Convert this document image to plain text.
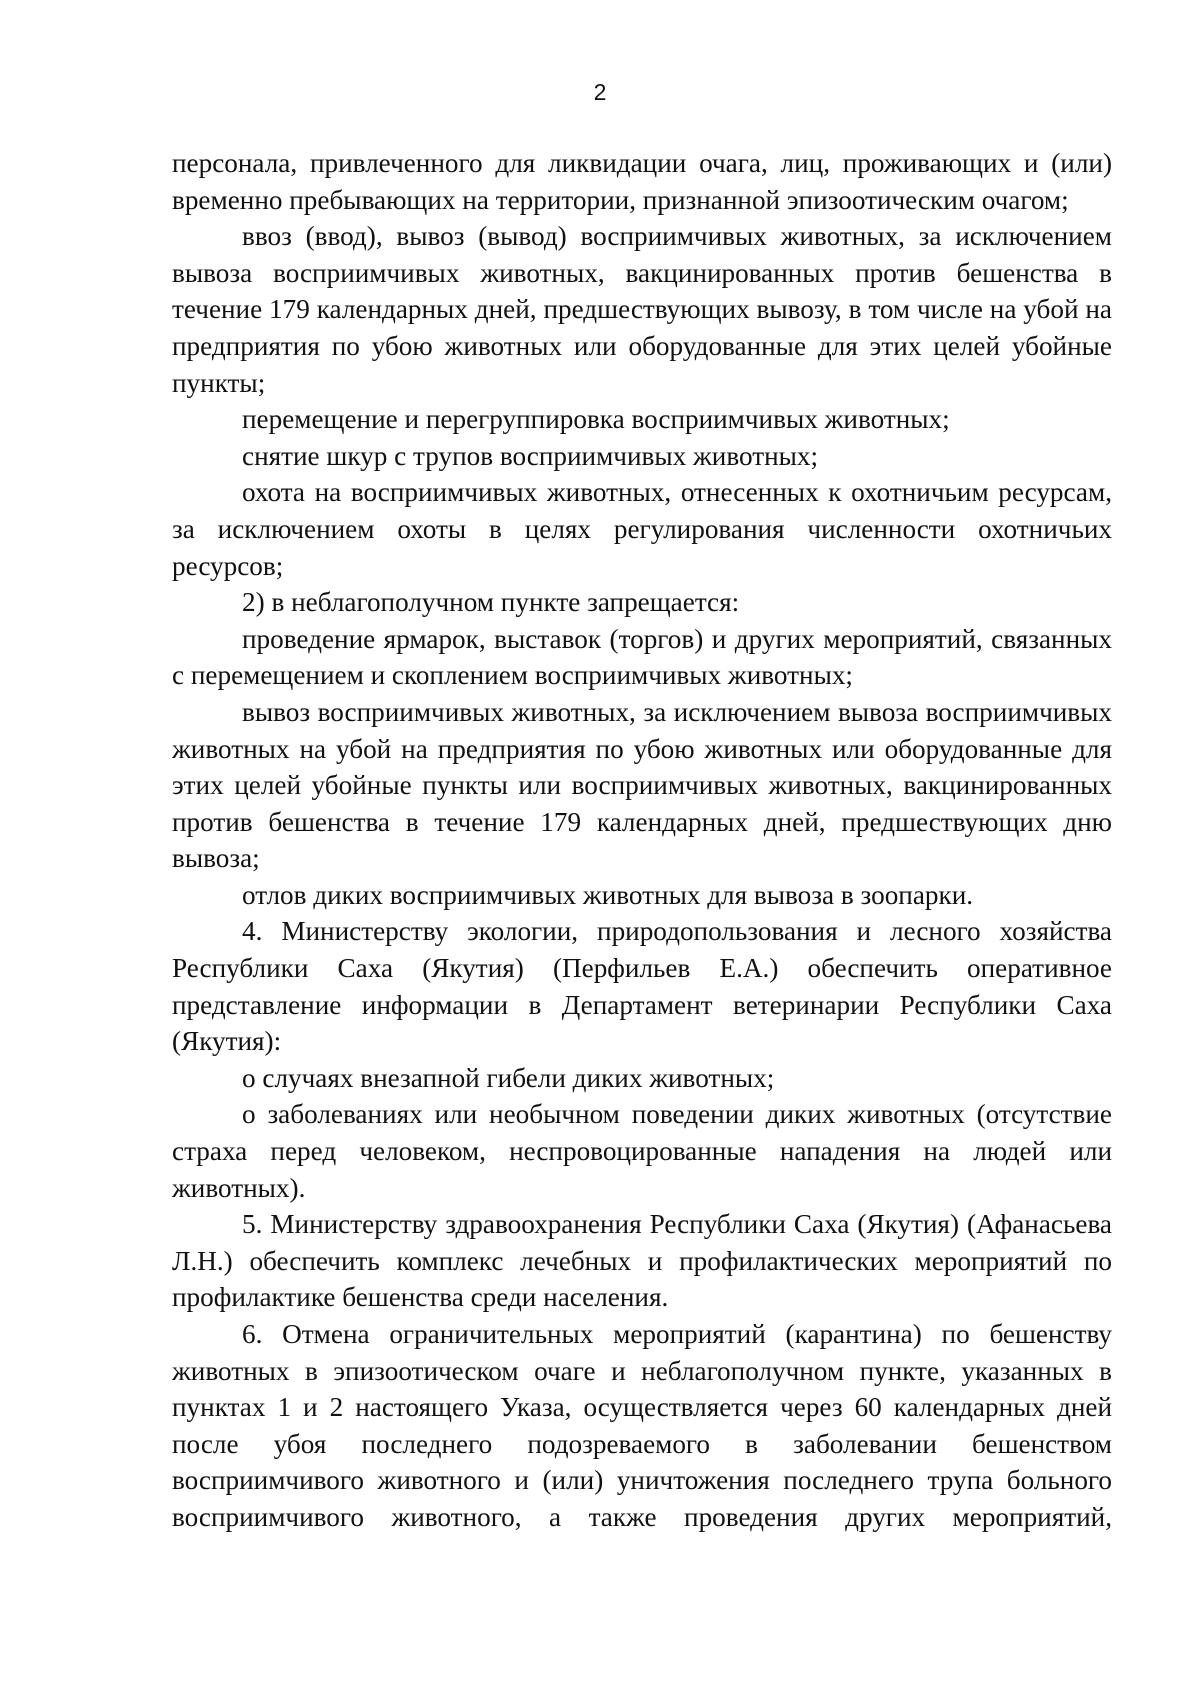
2

персонала, привлеченного для ликвидации очага, лиц, проживающих и (или) временно пребывающих на территории, признанной эпизоотическим очагом;

ввоз (ввод), вывоз (вывод) восприимчивых животных, за исключением вывоза восприимчивых животных, вакцинированных против бешенства в течение 179 календарных дней, предшествующих вывозу, в том числе на убой на предприятия по убою животных или оборудованные для этих целей убойные пункты;

перемещение и перегруппировка восприимчивых животных;

снятие шкур с трупов восприимчивых животных;

охота на восприимчивых животных, отнесенных к охотничьим ресурсам, за исключением охоты в целях регулирования численности охотничьих ресурсов;

2) в неблагополучном пункте запрещается:

проведение ярмарок, выставок (торгов) и других мероприятий, связанных с перемещением и скоплением восприимчивых животных;

вывоз восприимчивых животных, за исключением вывоза восприимчивых животных на убой на предприятия по убою животных или оборудованные для этих целей убойные пункты или восприимчивых животных, вакцинированных против бешенства в течение 179 календарных дней, предшествующих дню вывоза;

отлов диких восприимчивых животных для вывоза в зоопарки.

4. Министерству экологии, природопользования и лесного хозяйства Республики Саха (Якутия) (Перфильев Е.А.) обеспечить оперативное представление информации в Департамент ветеринарии Республики Саха (Якутия):

о случаях внезапной гибели диких животных;

о заболеваниях или необычном поведении диких животных (отсутствие страха перед человеком, неспровоцированные нападения на людей или животных).

5. Министерству здравоохранения Республики Саха (Якутия) (Афанасьева Л.Н.) обеспечить комплекс лечебных и профилактических мероприятий по профилактике бешенства среди населения.

6. Отмена ограничительных мероприятий (карантина) по бешенству животных в эпизоотическом очаге и неблагополучном пункте, указанных в пунктах 1 и 2 настоящего Указа, осуществляется через 60 календарных дней после убоя последнего подозреваемого в заболевании бешенством восприимчивого животного и (или) уничтожения последнего трупа больного восприимчивого животного, а также проведения других мероприятий,
